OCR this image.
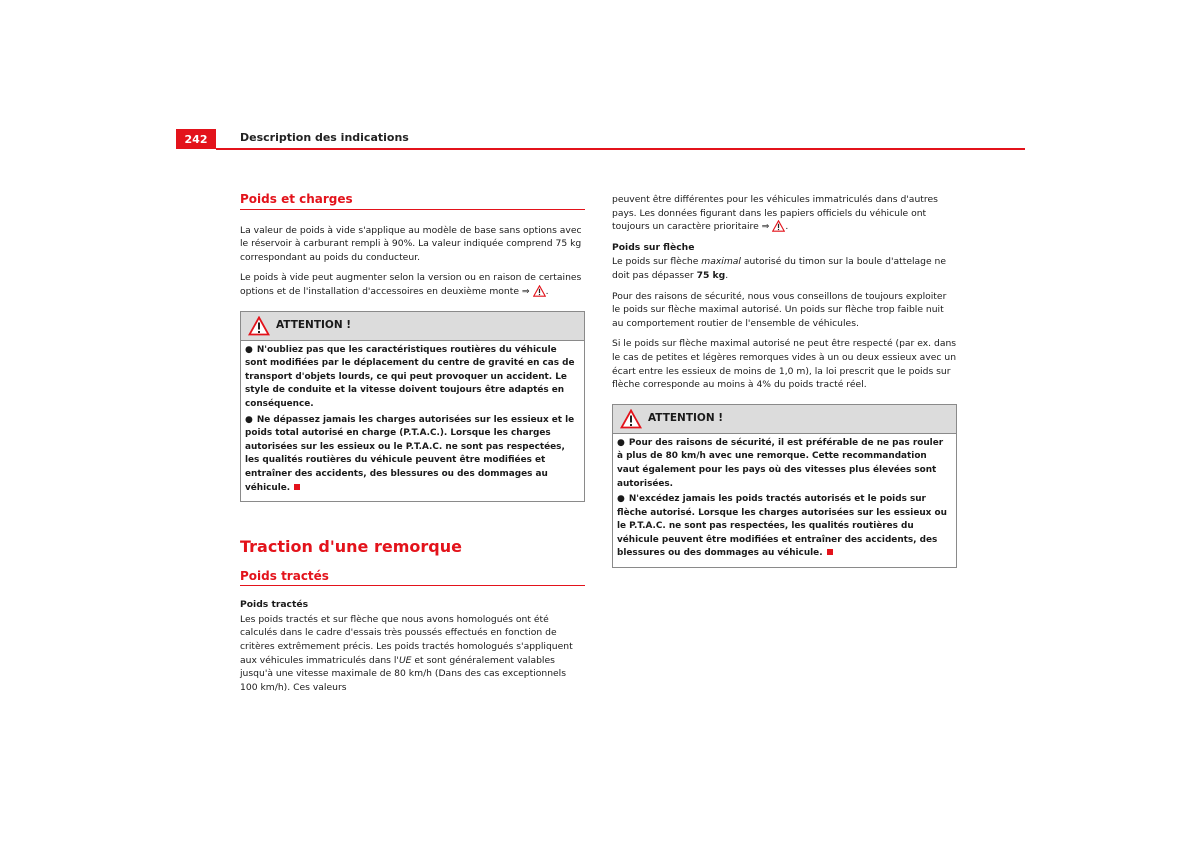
242	Description des indications
Poids et charges

La valeur de poids à vide s'applique au modèle de base sans options avec le réservoir à carburant rempli à 90%. La valeur indiquée comprend 75 kg correspondant au poids du conducteur.

Le poids à vide peut augmenter selon la version ou en raison de certaines options et de l'installation d'accessoires en deuxième monte ⇒ .

ATTENTION !
● N'oubliez pas que les caractéristiques routières du véhicule sont modifiées par le déplacement du centre de gravité en cas de transport d'objets lourds, ce qui peut provoquer un accident. Le style de conduite et la vitesse doivent toujours être adaptés en conséquence.
● Ne dépassez jamais les charges autorisées sur les essieux et le poids total autorisé en charge (P.T.A.C.). Lorsque les charges autorisées sur les essieux ou le P.T.A.C. ne sont pas respectées, les qualités routières du véhicule peuvent être modifiées et entraîner des accidents, des blessures ou des dommages au véhicule.
Traction d'une remorque
Poids tractés
Poids tractés

Les poids tractés et sur flèche que nous avons homologués ont été calculés dans le cadre d'essais très poussés effectués en fonction de critères extrêmement précis. Les poids tractés homologués s'appliquent aux véhicules immatriculés dans l'UE et sont généralement valables jusqu'à une vitesse maximale de 80 km/h (Dans des cas exceptionnels 100 km/h). Ces valeurs

peuvent être différentes pour les véhicules immatriculés dans d'autres pays. Les données figurant dans les papiers officiels du véhicule ont toujours un caractère prioritaire ⇒ .

Poids sur flèche

Le poids sur flèche maximal autorisé du timon sur la boule d'attelage ne doit pas dépasser 75 kg.

Pour des raisons de sécurité, nous vous conseillons de toujours exploiter le poids sur flèche maximal autorisé. Un poids sur flèche trop faible nuit au comportement routier de l'ensemble de véhicules.

Si le poids sur flèche maximal autorisé ne peut être respecté (par ex. dans le cas de petites et légères remorques vides à un ou deux essieux avec un écart entre les essieux de moins de 1,0 m), la loi prescrit que le poids sur flèche corresponde au moins à 4% du poids tracté réel.

ATTENTION !
● Pour des raisons de sécurité, il est préférable de ne pas rouler à plus de 80 km/h avec une remorque. Cette recommandation vaut également pour les pays où des vitesses plus élevées sont autorisées.
● N'excédez jamais les poids tractés autorisés et le poids sur flèche autorisé. Lorsque les charges autorisées sur les essieux ou le P.T.A.C. ne sont pas respectées, les qualités routières du véhicule peuvent être modifiées et entraîner des accidents, des blessures ou des dommages au véhicule.
